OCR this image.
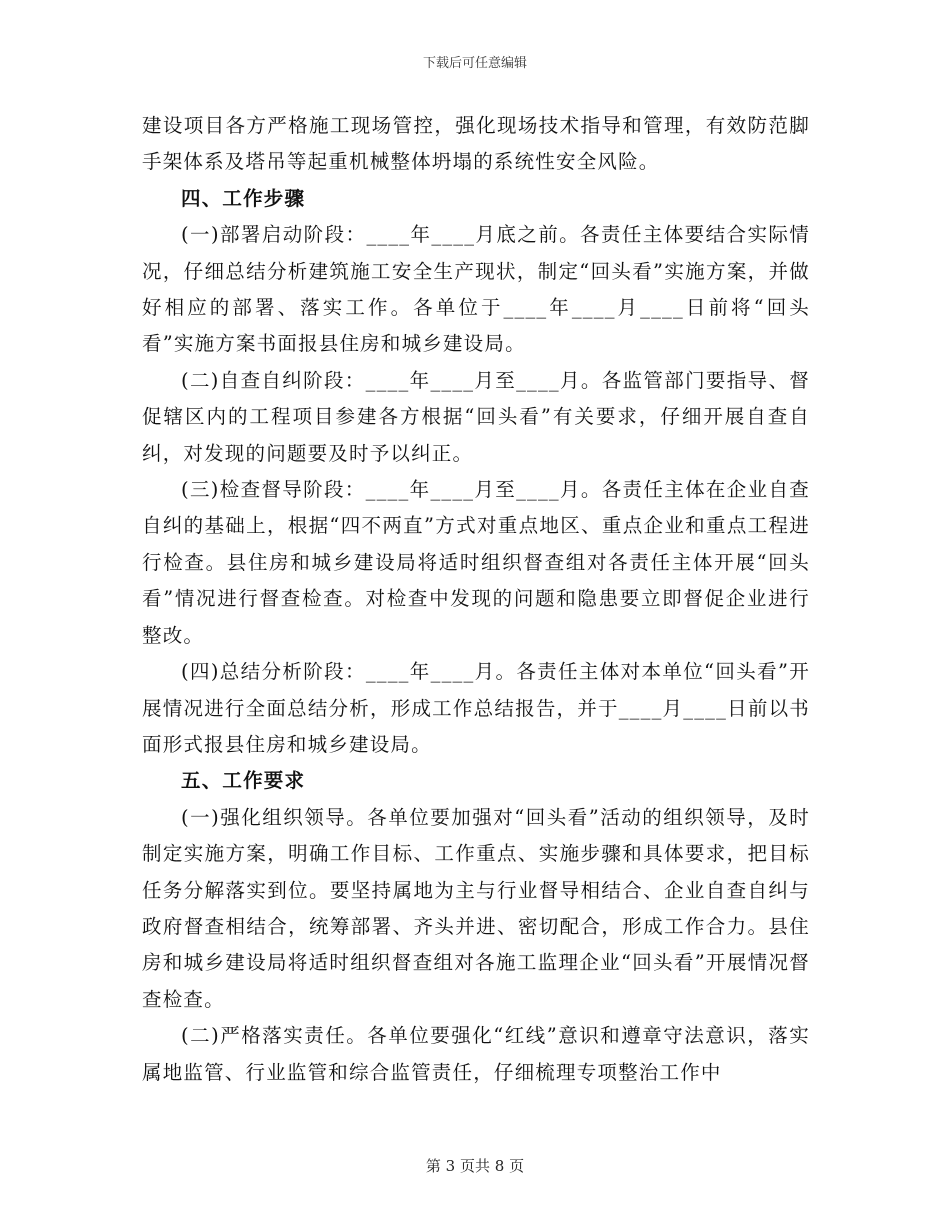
下载后可任意编辑

建设项目各方严格施工现场管控，强化现场技术指导和管理，有效防范脚手架体系及塔吊等起重机械整体坍塌的系统性安全风险。

四、工作步骤

(一)部署启动阶段：____年____月底之前。各责任主体要结合实际情况，仔细总结分析建筑施工安全生产现状，制定“回头看”实施方案，并做好相应的部署、落实工作。各单位于____年____月____日前将“回头看”实施方案书面报县住房和城乡建设局。

(二)自查自纠阶段：____年____月至____月。各监管部门要指导、督促辖区内的工程项目参建各方根据“回头看”有关要求，仔细开展自查自纠，对发现的问题要及时予以纠正。

(三)检查督导阶段：____年____月至____月。各责任主体在企业自查自纠的基础上，根据“四不两直”方式对重点地区、重点企业和重点工程进行检查。县住房和城乡建设局将适时组织督查组对各责任主体开展“回头看”情况进行督查检查。对检查中发现的问题和隐患要立即督促企业进行整改。

(四)总结分析阶段：____年____月。各责任主体对本单位“回头看”开展情况进行全面总结分析，形成工作总结报告，并于____月____日前以书面形式报县住房和城乡建设局。

五、工作要求

(一)强化组织领导。各单位要加强对“回头看”活动的组织领导，及时制定实施方案，明确工作目标、工作重点、实施步骤和具体要求，把目标任务分解落实到位。要坚持属地为主与行业督导相结合、企业自查自纠与政府督查相结合，统筹部署、齐头并进、密切配合，形成工作合力。县住房和城乡建设局将适时组织督查组对各施工监理企业“回头看”开展情况督查检查。

(二)严格落实责任。各单位要强化“红线”意识和遵章守法意识，落实属地监管、行业监管和综合监管责任，仔细梳理专项整治工作中

第 3 页共 8 页
